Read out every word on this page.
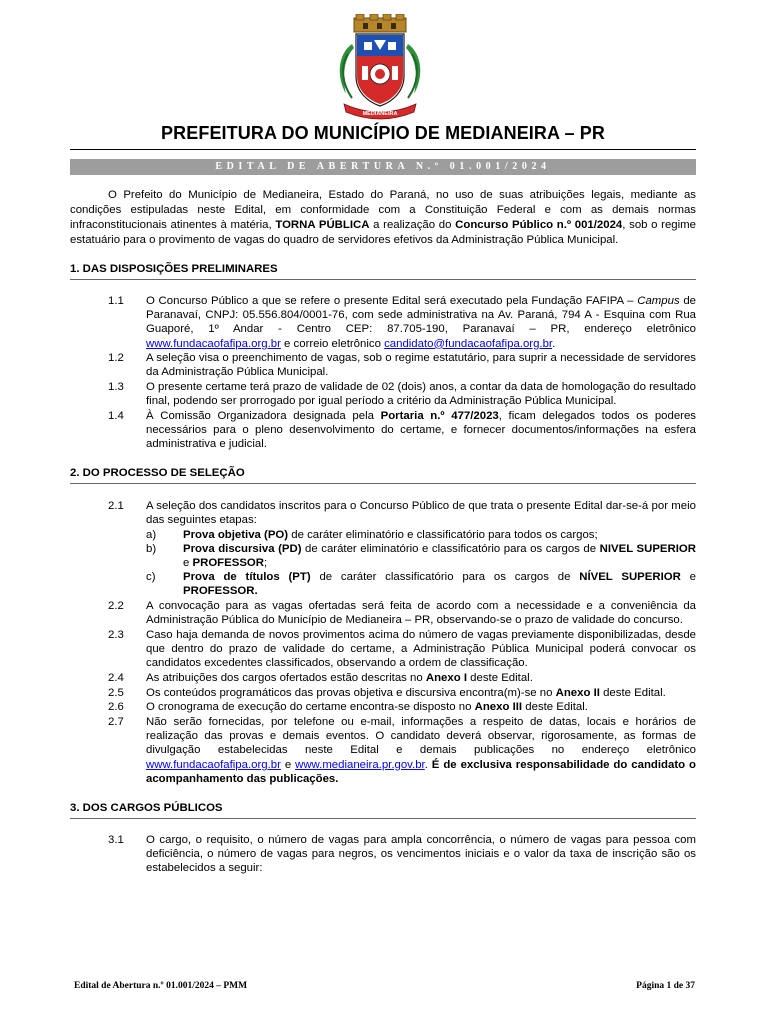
MEDIANEIRA
PREFEITURA DO MUNICÍPIO DE MEDIANEIRA – PR
EDITAL DE ABERTURA N.º 01.001/2024
O Prefeito do Município de Medianeira, Estado do Paraná, no uso de suas atribuições legais, mediante as condições estipuladas neste Edital, em conformidade com a Constituição Federal e com as demais normas infraconstitucionais atinentes à matéria, TORNA PÚBLICA a realização do Concurso Público n.º 001/2024, sob o regime estatuário para o provimento de vagas do quadro de servidores efetivos da Administração Pública Municipal.
1. DAS DISPOSIÇÕES PRELIMINARES
1.1 O Concurso Público a que se refere o presente Edital será executado pela Fundação FAFIPA – Campus de Paranavaí, CNPJ: 05.556.804/0001-76, com sede administrativa na Av. Paraná, 794 A - Esquina com Rua Guaporé, 1º Andar - Centro CEP: 87.705-190, Paranavaí – PR, endereço eletrônico www.fundacaofafipa.org.br e correio eletrônico candidato@fundacaofafipa.org.br.
1.2 A seleção visa o preenchimento de vagas, sob o regime estatutário, para suprir a necessidade de servidores da Administração Pública Municipal.
1.3 O presente certame terá prazo de validade de 02 (dois) anos, a contar da data de homologação do resultado final, podendo ser prorrogado por igual período a critério da Administração Pública Municipal.
1.4 À Comissão Organizadora designada pela Portaria n.º 477/2023, ficam delegados todos os poderes necessários para o pleno desenvolvimento do certame, e fornecer documentos/informações na esfera administrativa e judicial.
2. DO PROCESSO DE SELEÇÃO
2.1 A seleção dos candidatos inscritos para o Concurso Público de que trata o presente Edital dar-se-á por meio das seguintes etapas:
a) Prova objetiva (PO) de caráter eliminatório e classificatório para todos os cargos;
b) Prova discursiva (PD) de caráter eliminatório e classificatório para os cargos de NIVEL SUPERIOR e PROFESSOR;
c) Prova de títulos (PT) de caráter classificatório para os cargos de NÍVEL SUPERIOR e PROFESSOR.
2.2 A convocação para as vagas ofertadas será feita de acordo com a necessidade e a conveniência da Administração Pública do Município de Medianeira – PR, observando-se o prazo de validade do concurso.
2.3 Caso haja demanda de novos provimentos acima do número de vagas previamente disponibilizadas, desde que dentro do prazo de validade do certame, a Administração Pública Municipal poderá convocar os candidatos excedentes classificados, observando a ordem de classificação.
2.4 As atribuições dos cargos ofertados estão descritas no Anexo I deste Edital.
2.5 Os conteúdos programáticos das provas objetiva e discursiva encontra(m)-se no Anexo II deste Edital.
2.6 O cronograma de execução do certame encontra-se disposto no Anexo III deste Edital.
2.7 Não serão fornecidas, por telefone ou e-mail, informações a respeito de datas, locais e horários de realização das provas e demais eventos. O candidato deverá observar, rigorosamente, as formas de divulgação estabelecidas neste Edital e demais publicações no endereço eletrônico www.fundacaofafipa.org.br e www.medianeira.pr.gov.br. É de exclusiva responsabilidade do candidato o acompanhamento das publicações.
3. DOS CARGOS PÚBLICOS
3.1 O cargo, o requisito, o número de vagas para ampla concorrência, o número de vagas para pessoa com deficiência, o número de vagas para negros, os vencimentos iniciais e o valor da taxa de inscrição são os estabelecidos a seguir:
Edital de Abertura n.º 01.001/2024 – PMM	Página 1 de 37
